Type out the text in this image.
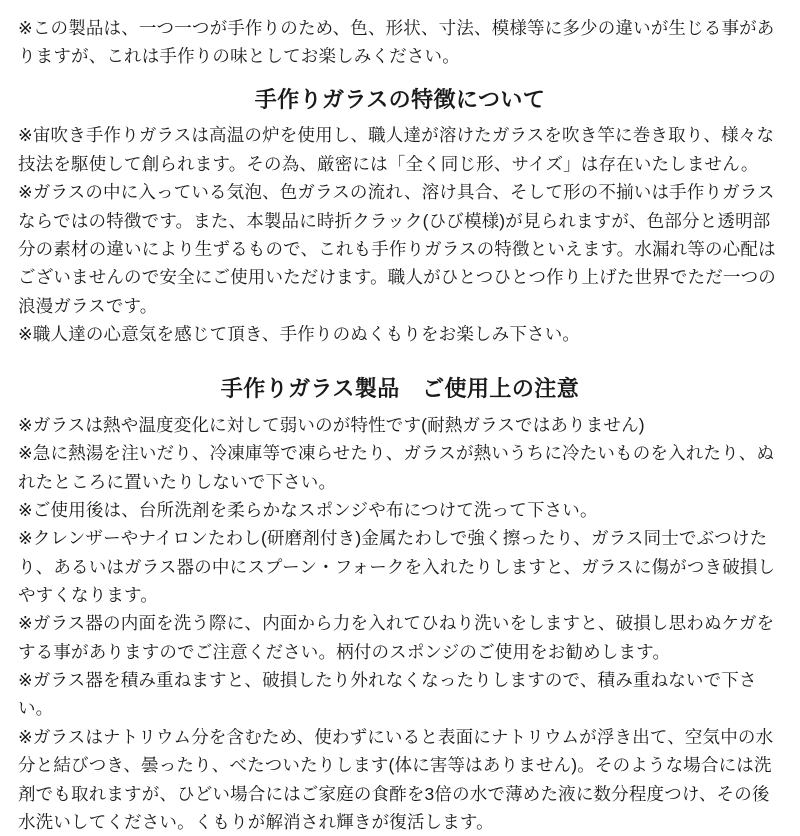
※この製品は、一つ一つが手作りのため、色、形状、寸法、模様等に多少の違いが生じる事がありますが、これは手作りの味としてお楽しみください。

手作りガラスの特徴について

※宙吹き手作りガラスは高温の炉を使用し、職人達が溶けたガラスを吹き竿に巻き取り、様々な技法を駆使して創られます。その為、厳密には「全く同じ形、サイズ」は存在いたしません。

※ガラスの中に入っている気泡、色ガラスの流れ、溶け具合、そして形の不揃いは手作りガラスならではの特徴です。また、本製品に時折クラック(ひび模様)が見られますが、色部分と透明部分の素材の違いにより生ずるもので、これも手作りガラスの特徴といえます。水漏れ等の心配はございませんので安全にご使用いただけます。職人がひとつひとつ作り上げた世界でただ一つの浪漫ガラスです。

※職人達の心意気を感じて頂き、手作りのぬくもりをお楽しみ下さい。

手作りガラス製品　ご使用上の注意

※ガラスは熱や温度変化に対して弱いのが特性です(耐熱ガラスではありません)

※急に熱湯を注いだり、冷凍庫等で凍らせたり、ガラスが熱いうちに冷たいものを入れたり、ぬれたところに置いたりしないで下さい。

※ご使用後は、台所洗剤を柔らかなスポンジや布につけて洗って下さい。

※クレンザーやナイロンたわし(研磨剤付き)金属たわしで強く擦ったり、ガラス同士でぶつけたり、あるいはガラス器の中にスプーン・フォークを入れたりしますと、ガラスに傷がつき破損しやすくなります。

※ガラス器の内面を洗う際に、内面から力を入れてひねり洗いをしますと、破損し思わぬケガをする事がありますのでご注意ください。柄付のスポンジのご使用をお勧めします。

※ガラス器を積み重ねますと、破損したり外れなくなったりしますので、積み重ねないで下さい。

※ガラスはナトリウム分を含むため、使わずにいると表面にナトリウムが浮き出て、空気中の水分と結びつき、曇ったり、べたついたりします(体に害等はありません)。そのような場合には洗剤でも取れますが、ひどい場合にはご家庭の食酢を3倍の水で薄めた液に数分程度つけ、その後水洗いしてください。くもりが解消され輝きが復活します。
